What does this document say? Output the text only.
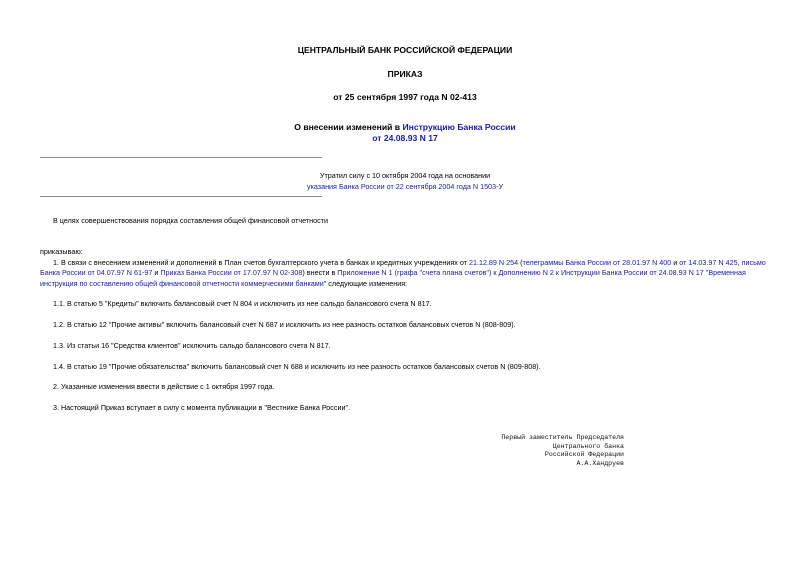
ЦЕНТРАЛЬНЫЙ БАНК РОССИЙСКОЙ ФЕДЕРАЦИИ
ПРИКАЗ
от 25 сентября 1997 года N 02-413
О внесении изменений в Инструкцию Банка России
от 24.08.93 N 17
Утратил силу с 10 октября 2004 года на основании
указания Банка России от 22 сентября 2004 года N 1503-У
В целях совершенствования порядка составления общей финансовой отчетности
приказываю:
1. В связи с внесением изменений и дополнений в План счетов бухгалтерского учета в банках и кредитных учреждениях от 21.12.89 N 254 (телеграммы Банка России от 28.01.97 N 400 и от 14.03.97 N 425, письмо Банка России от 04.07.97 N 61-97 и Приказ Банка России от 17.07.97 N 02-308) внести в Приложение N 1 (графа "счета плана счетов") к Дополнению N 2 к Инструкции Банка России от 24.08.93 N 17 "Временная инструкция по составлению общей финансовой отчетности коммерческими банками" следующие изменения:
1.1. В статью 5 "Кредиты" включить балансовый счет N 804 и исключить из нее сальдо балансового счета N 817.
1.2. В статью 12 "Прочие активы" включить балансовый счет N 687 и исключить из нее разность остатков балансовых счетов N (808-809).
1.3. Из статьи 16 "Средства клиентов" исключить сальдо балансового счета N 817.
1.4. В статью 19 "Прочие обязательства" включить балансовый счет N 688 и исключить из нее разность остатков балансовых счетов N (809-808).
2. Указанные изменения ввести в действие с 1 октября 1997 года.
3. Настоящий Приказ вступает в силу с момента публикации в "Вестнике Банка России".
Первый заместитель Председателя
Центрального банка
Российской Федерации
А.А.Хандруев
